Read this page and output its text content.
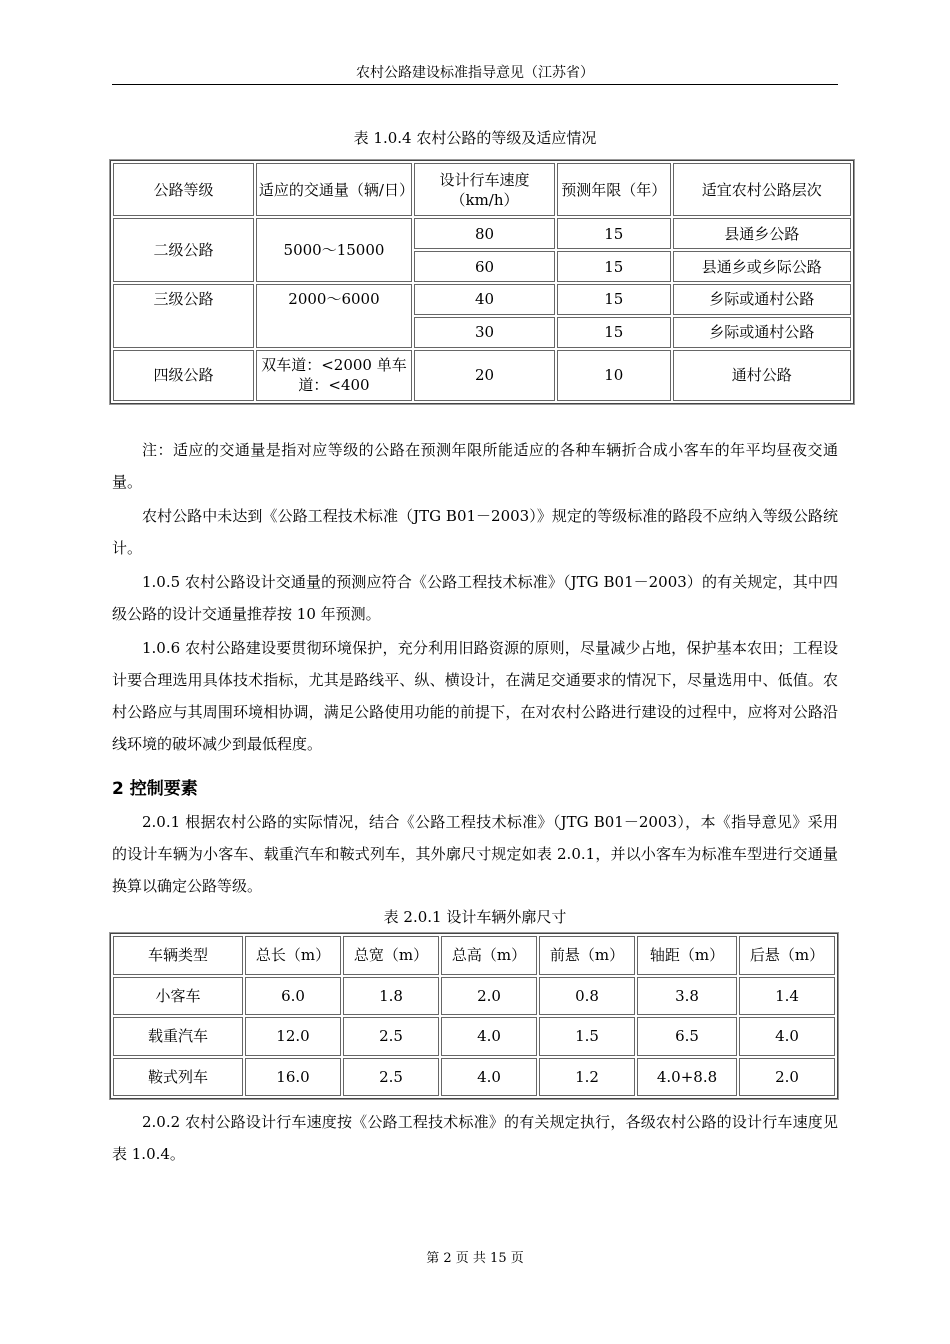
农村公路建设标准指导意见（江苏省）
表 1.0.4 农村公路的等级及适应情况
公路等级	适应的交通量（辆/日）	设计行车速度（km/h）	预测年限（年）	适宜农村公路层次
二级公路	5000～15000	80	15	县通乡公路
		60	15	县通乡或乡际公路
三级公路	2000～6000	40	15	乡际或通村公路
		30	15	乡际或通村公路
四级公路	双车道：<2000 单车道：<400	20	10	通村公路
注：适应的交通量是指对应等级的公路在预测年限所能适应的各种车辆折合成小客车的年平均昼夜交通量。
农村公路中未达到《公路工程技术标准（JTG B01－2003）》规定的等级标准的路段不应纳入等级公路统计。
1.0.5 农村公路设计交通量的预测应符合《公路工程技术标准》（JTG B01－2003）的有关规定，其中四级公路的设计交通量推荐按 10 年预测。
1.0.6 农村公路建设要贯彻环境保护，充分利用旧路资源的原则，尽量减少占地，保护基本农田；工程设计要合理选用具体技术指标，尤其是路线平、纵、横设计，在满足交通要求的情况下，尽量选用中、低值。农村公路应与其周围环境相协调，满足公路使用功能的前提下，在对农村公路进行建设的过程中，应将对公路沿线环境的破坏减少到最低程度。
2 控制要素
2.0.1 根据农村公路的实际情况，结合《公路工程技术标准》（JTG B01－2003），本《指导意见》采用的设计车辆为小客车、载重汽车和鞍式列车，其外廓尺寸规定如表 2.0.1，并以小客车为标准车型进行交通量换算以确定公路等级。
表 2.0.1 设计车辆外廓尺寸
车辆类型	总长（m）	总宽（m）	总高（m）	前悬（m）	轴距（m）	后悬（m）
小客车	6.0	1.8	2.0	0.8	3.8	1.4
载重汽车	12.0	2.5	4.0	1.5	6.5	4.0
鞍式列车	16.0	2.5	4.0	1.2	4.0+8.8	2.0
2.0.2 农村公路设计行车速度按《公路工程技术标准》的有关规定执行，各级农村公路的设计行车速度见表 1.0.4。
第 2 页 共 15 页
